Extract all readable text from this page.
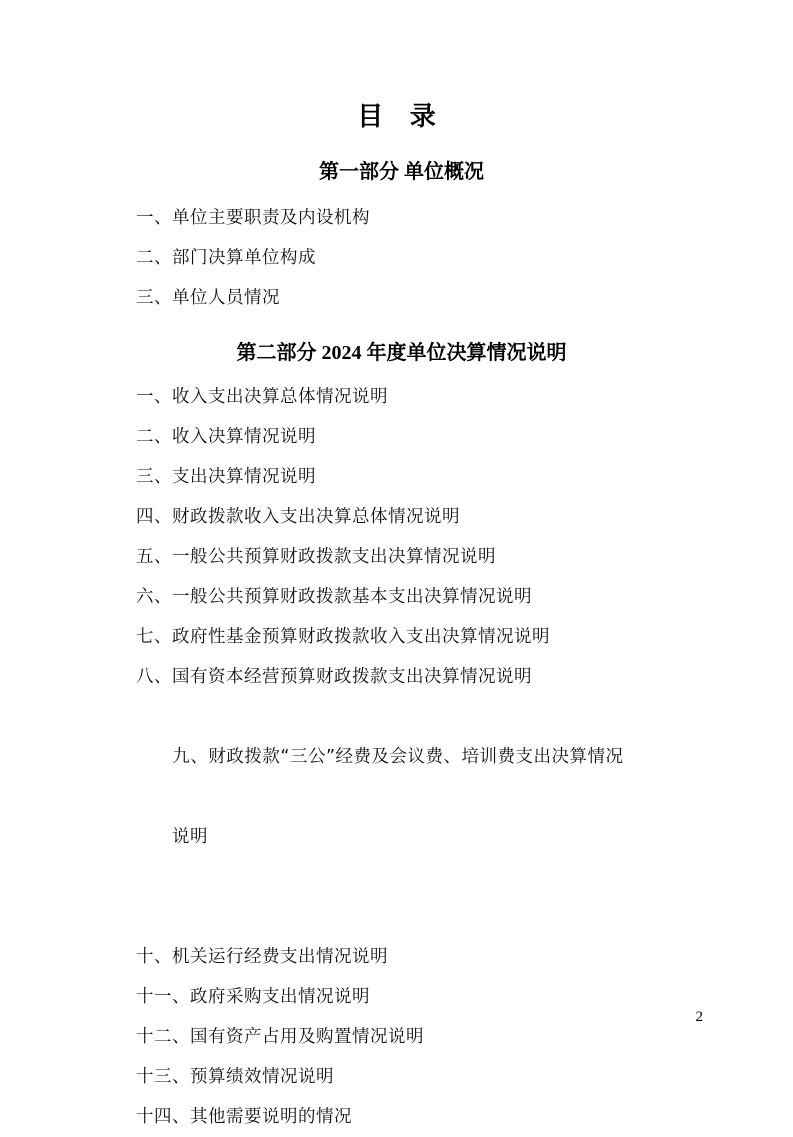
目 录
第一部分 单位概况
一、单位主要职责及内设机构
二、部门决算单位构成
三、单位人员情况
第二部分 2024 年度单位决算情况说明
一、收入支出决算总体情况说明
二、收入决算情况说明
三、支出决算情况说明
四、财政拨款收入支出决算总体情况说明
五、一般公共预算财政拨款支出决算情况说明
六、一般公共预算财政拨款基本支出决算情况说明
七、政府性基金预算财政拨款收入支出决算情况说明
八、国有资本经营预算财政拨款支出决算情况说明

九、财政拨款“三公”经费及会议费、培训费支出决算情况

说明

十、机关运行经费支出情况说明
十一、政府采购支出情况说明
十二、国有资产占用及购置情况说明
十三、预算绩效情况说明
十四、其他需要说明的情况
2
